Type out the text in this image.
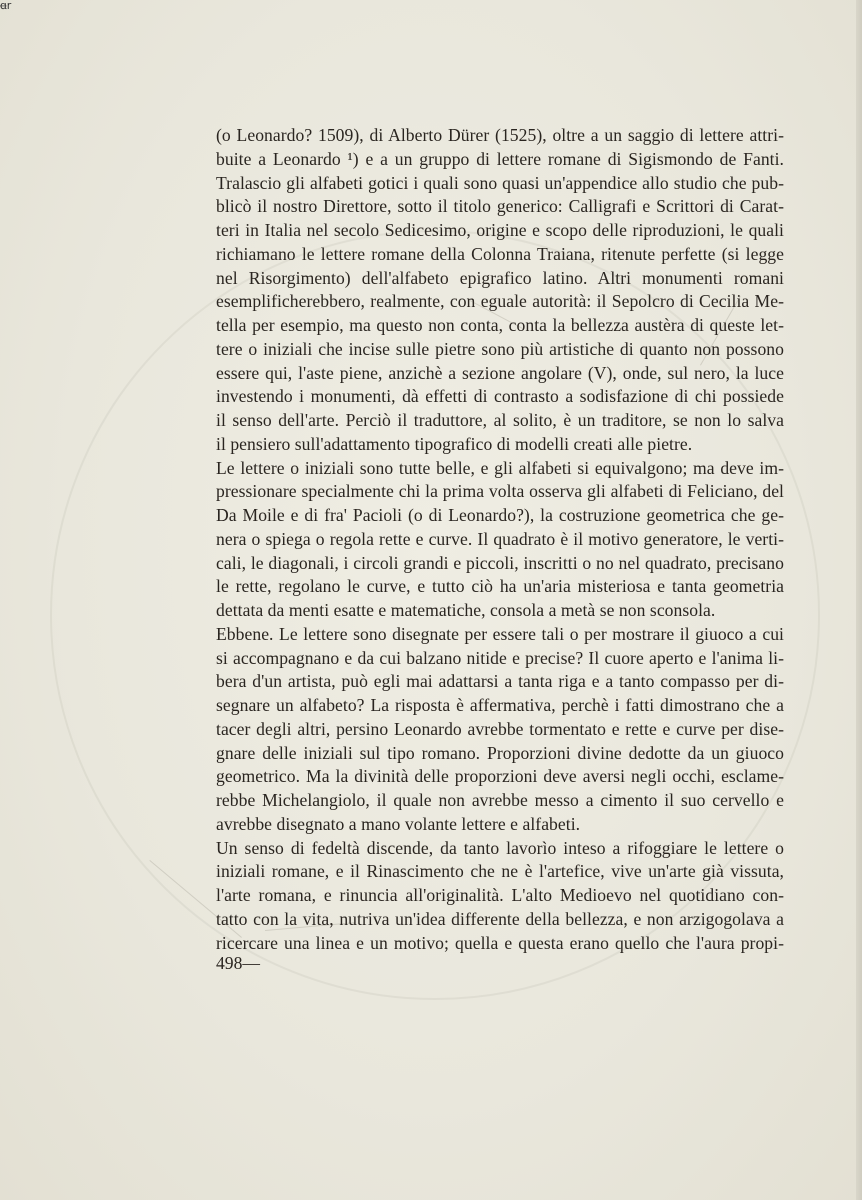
ꬰr
(o Leonardo? 1509), di Alberto Dürer (1525), oltre a un saggio di lettere attri-
buite a Leonardo ¹) e a un gruppo di lettere romane di Sigismondo de Fanti.
Tralascio gli alfabeti gotici i quali sono quasi un'appendice allo studio che pub-
blicò il nostro Direttore, sotto il titolo generico: Calligrafi e Scrittori di Carat-
teri in Italia nel secolo Sedicesimo, origine e scopo delle riproduzioni, le quali
richiamano le lettere romane della Colonna Traiana, ritenute perfette (si legge
nel Risorgimento) dell'alfabeto epigrafico latino. Altri monumenti romani
esemplificherebbero, realmente, con eguale autorità: il Sepolcro di Cecilia Me-
tella per esempio, ma questo non conta, conta la bellezza austèra di queste let-
tere o iniziali che incise sulle pietre sono più artistiche di quanto non possono
essere qui, l'aste piene, anzichè a sezione angolare (V), onde, sul nero, la luce
investendo i monumenti, dà effetti di contrasto a sodisfazione di chi possiede
il senso dell'arte. Perciò il traduttore, al solito, è un traditore, se non lo salva
il pensiero sull'adattamento tipografico di modelli creati alle pietre.
Le lettere o iniziali sono tutte belle, e gli alfabeti si equivalgono; ma deve im-
pressionare specialmente chi la prima volta osserva gli alfabeti di Feliciano, del
Da Moile e di fra' Pacioli (o di Leonardo?), la costruzione geometrica che ge-
nera o spiega o regola rette e curve. Il quadrato è il motivo generatore, le verti-
cali, le diagonali, i circoli grandi e piccoli, inscritti o no nel quadrato, precisano
le rette, regolano le curve, e tutto ciò ha un'aria misteriosa e tanta geometria
dettata da menti esatte e matematiche, consola a metà se non sconsola.
Ebbene. Le lettere sono disegnate per essere tali o per mostrare il giuoco a cui
si accompagnano e da cui balzano nitide e precise? Il cuore aperto e l'anima li-
bera d'un artista, può egli mai adattarsi a tanta riga e a tanto compasso per di-
segnare un alfabeto? La risposta è affermativa, perchè i fatti dimostrano che a
tacer degli altri, persino Leonardo avrebbe tormentato e rette e curve per dise-
gnare delle iniziali sul tipo romano. Proporzioni divine dedotte da un giuoco
geometrico. Ma la divinità delle proporzioni deve aversi negli occhi, esclame-
rebbe Michelangiolo, il quale non avrebbe messo a cimento il suo cervello e
avrebbe disegnato a mano volante lettere e alfabeti.
Un senso di fedeltà discende, da tanto lavorìo inteso a rifoggiare le lettere o
iniziali romane, e il Rinascimento che ne è l'artefice, vive un'arte già vissuta,
l'arte romana, e rinuncia all'originalità. L'alto Medioevo nel quotidiano con-
tatto con la vita, nutriva un'idea differente della bellezza, e non arzigogolava a
ricercare una linea e un motivo; quella e questa erano quello che l'aura propi-
498—
